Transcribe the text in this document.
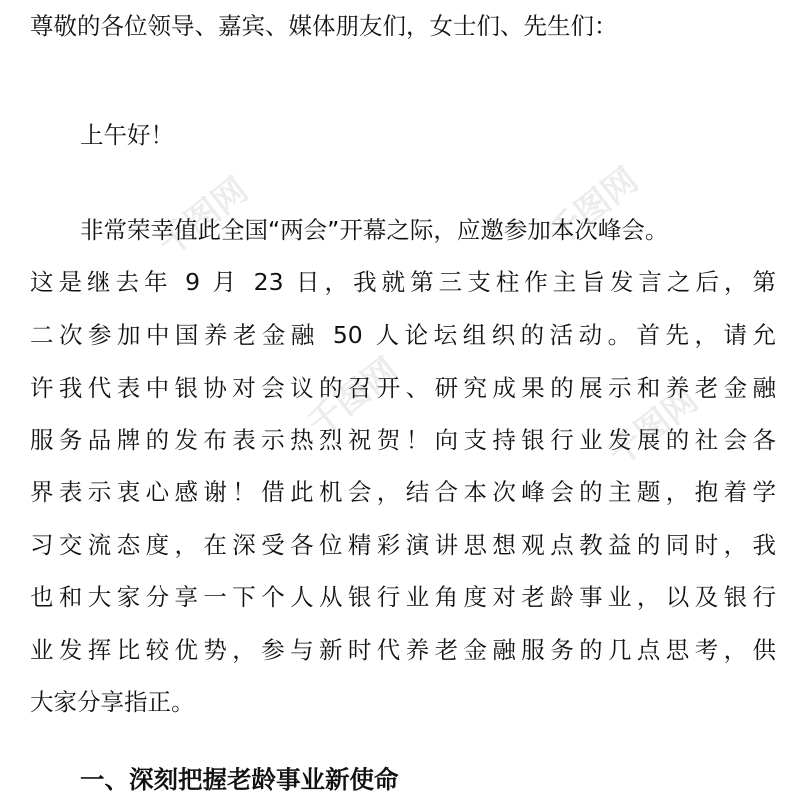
千图网	千图网
千图网	千图网
尊敬的各位领导、嘉宾、媒体朋友们，女士们、先生们：
上午好！
非常荣幸值此全国“两会”开幕之际，应邀参加本次峰会。
这是继去年 9 月 23 日，我就第三支柱作主旨发言之后，第
二次参加中国养老金融 50 人论坛组织的活动。首先，请允
许我代表中银协对会议的召开、研究成果的展示和养老金融
服务品牌的发布表示热烈祝贺！向支持银行业发展的社会各
界表示衷心感谢！借此机会，结合本次峰会的主题，抱着学
习交流态度，在深受各位精彩演讲思想观点教益的同时，我
也和大家分享一下个人从银行业角度对老龄事业，以及银行
业发挥比较优势，参与新时代养老金融服务的几点思考，供
大家分享指正。
一、深刻把握老龄事业新使命
